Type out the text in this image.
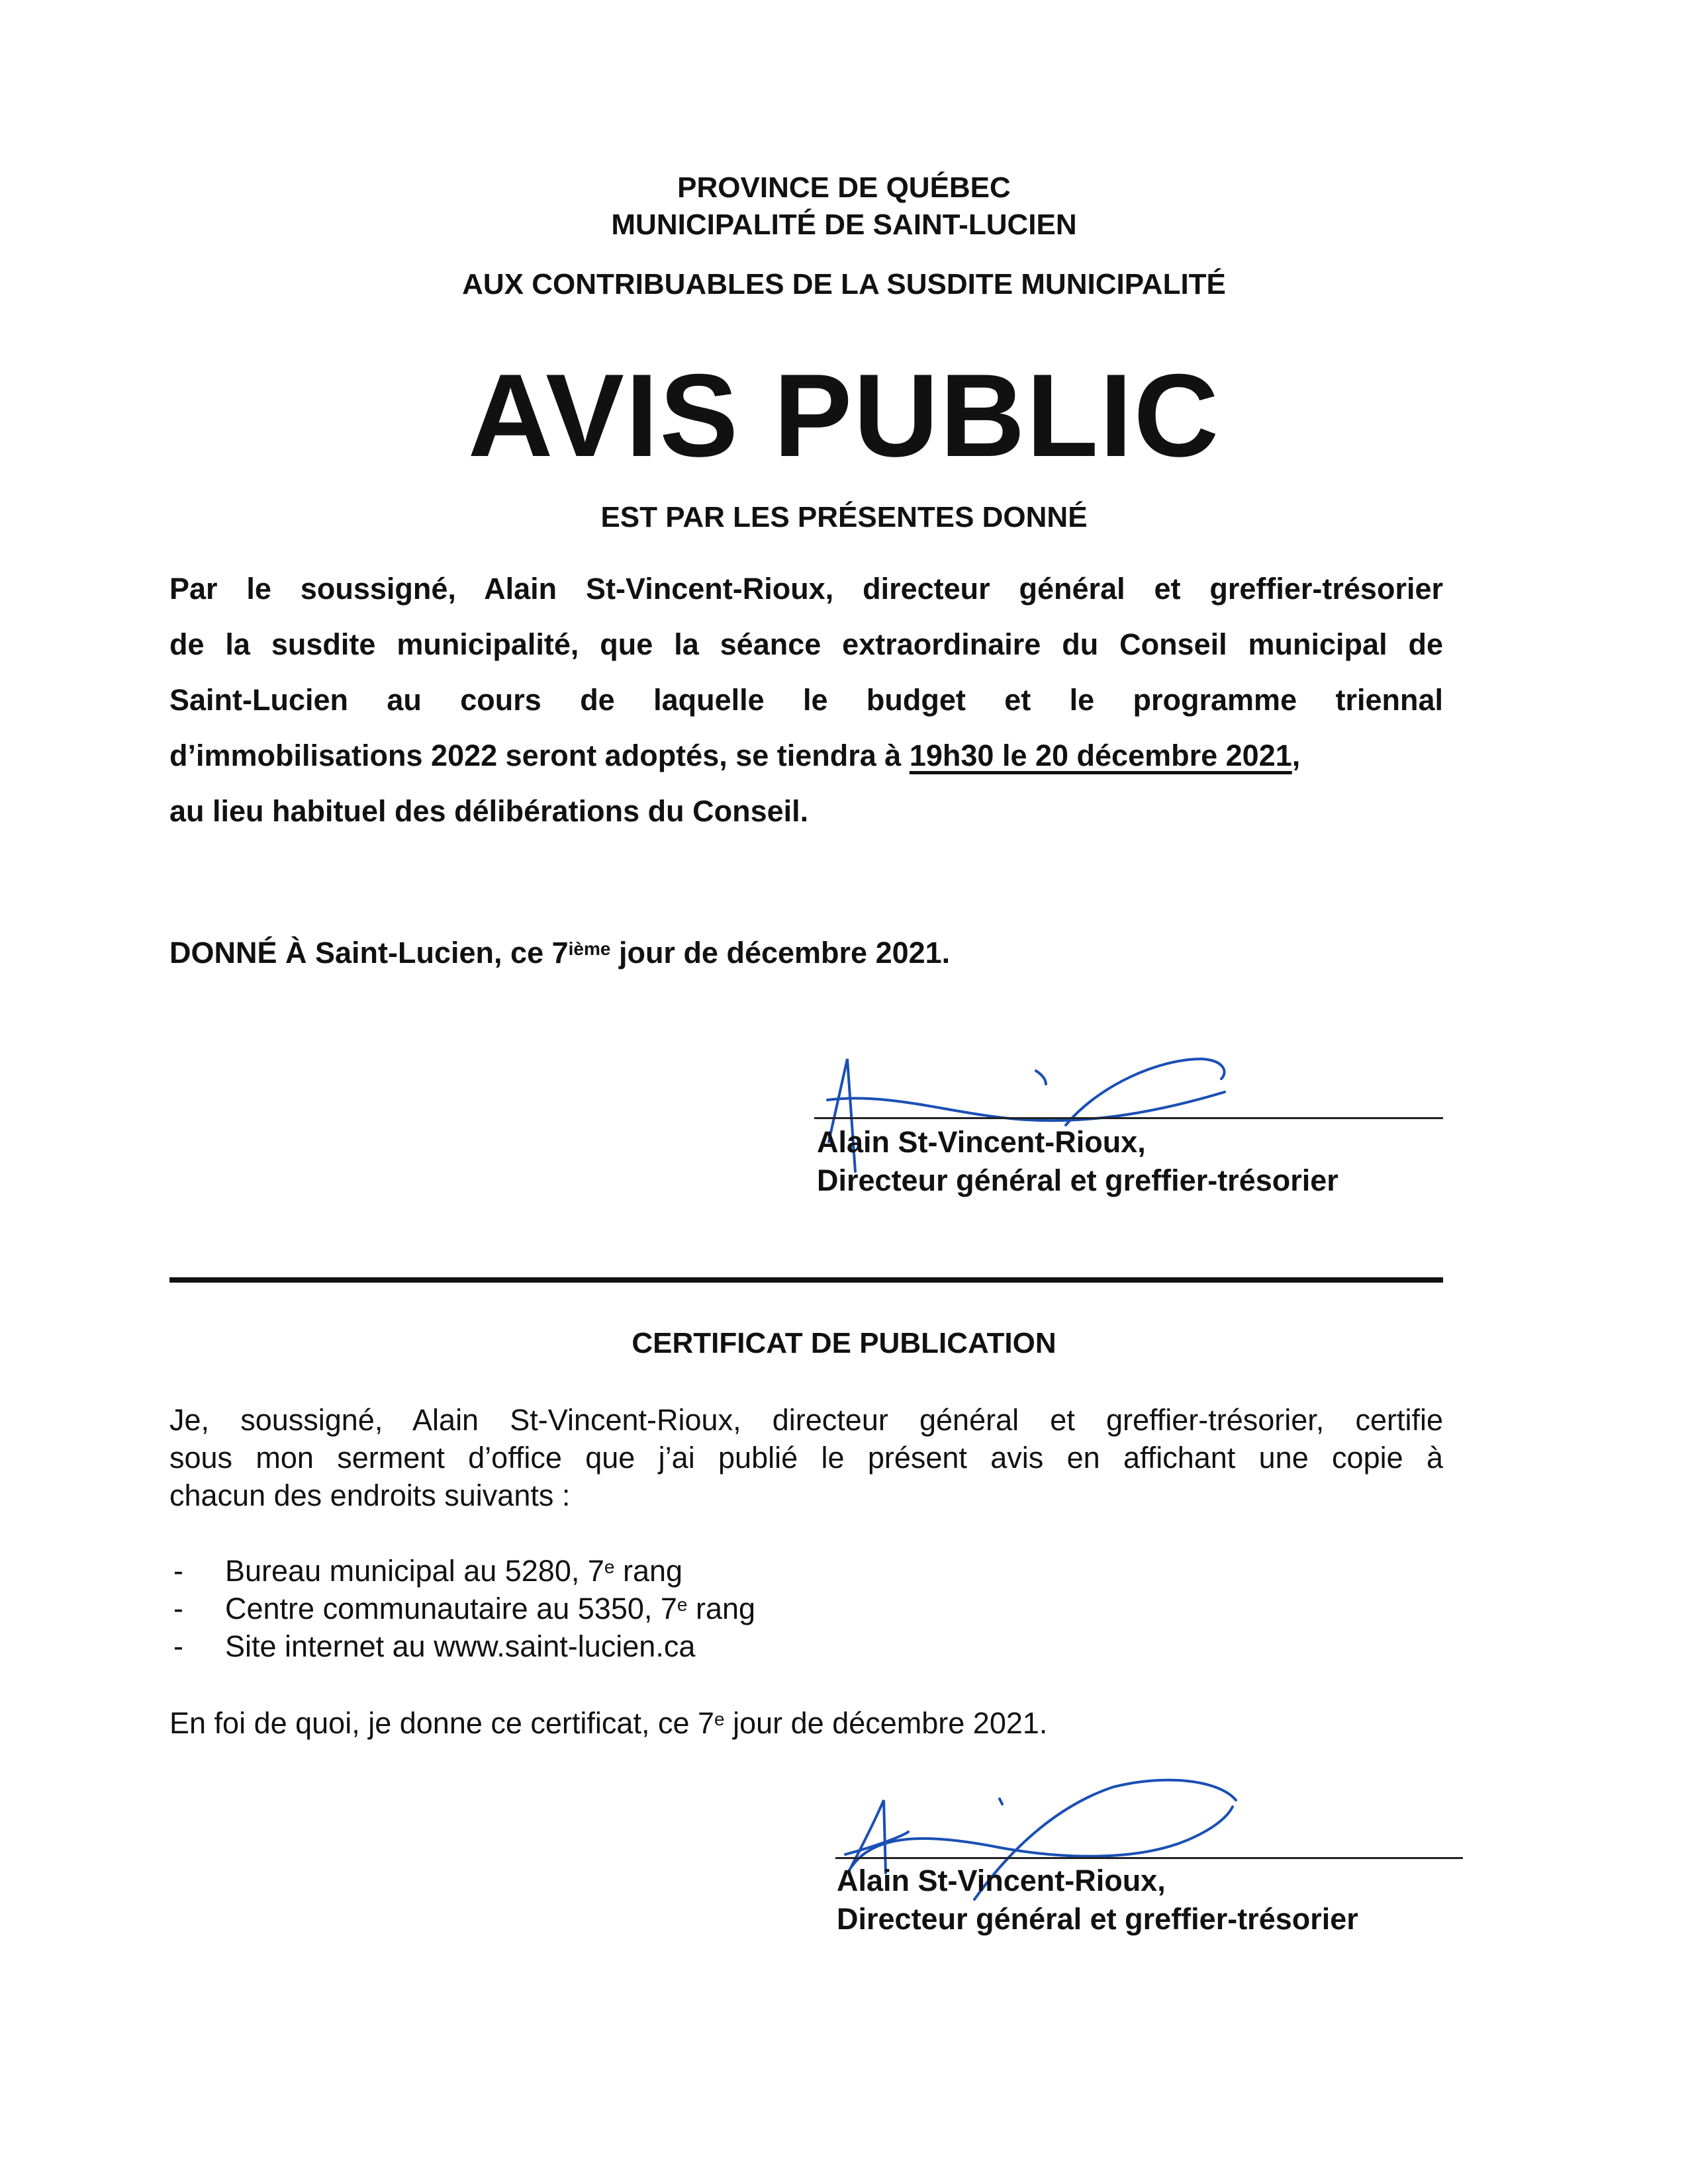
PROVINCE DE QUÉBEC
MUNICIPALITÉ DE SAINT-LUCIEN
AUX CONTRIBUABLES DE LA SUSDITE MUNICIPALITÉ
AVIS PUBLIC
EST PAR LES PRÉSENTES DONNÉ
Par le soussigné, Alain St-Vincent-Rioux, directeur général et greffier-trésorier
de la susdite municipalité, que la séance extraordinaire du Conseil municipal de
Saint-Lucien au cours de laquelle le budget et le programme triennal
d’immobilisations 2022 seront adoptés, se tiendra à 19h30 le 20 décembre 2021,
au lieu habituel des délibérations du Conseil.
DONNÉ À Saint-Lucien, ce 7ième jour de décembre 2021.
Alain St-Vincent-Rioux,
Directeur général et greffier-trésorier
CERTIFICAT DE PUBLICATION
Je, soussigné, Alain St-Vincent-Rioux, directeur général et greffier-trésorier, certifie
sous mon serment d’office que j’ai publié le présent avis en affichant une copie à
chacun des endroits suivants :
- Bureau municipal au 5280, 7e rang
- Centre communautaire au 5350, 7e rang
- Site internet au www.saint-lucien.ca
En foi de quoi, je donne ce certificat, ce 7e jour de décembre 2021.
Alain St-Vincent-Rioux,
Directeur général et greffier-trésorier
